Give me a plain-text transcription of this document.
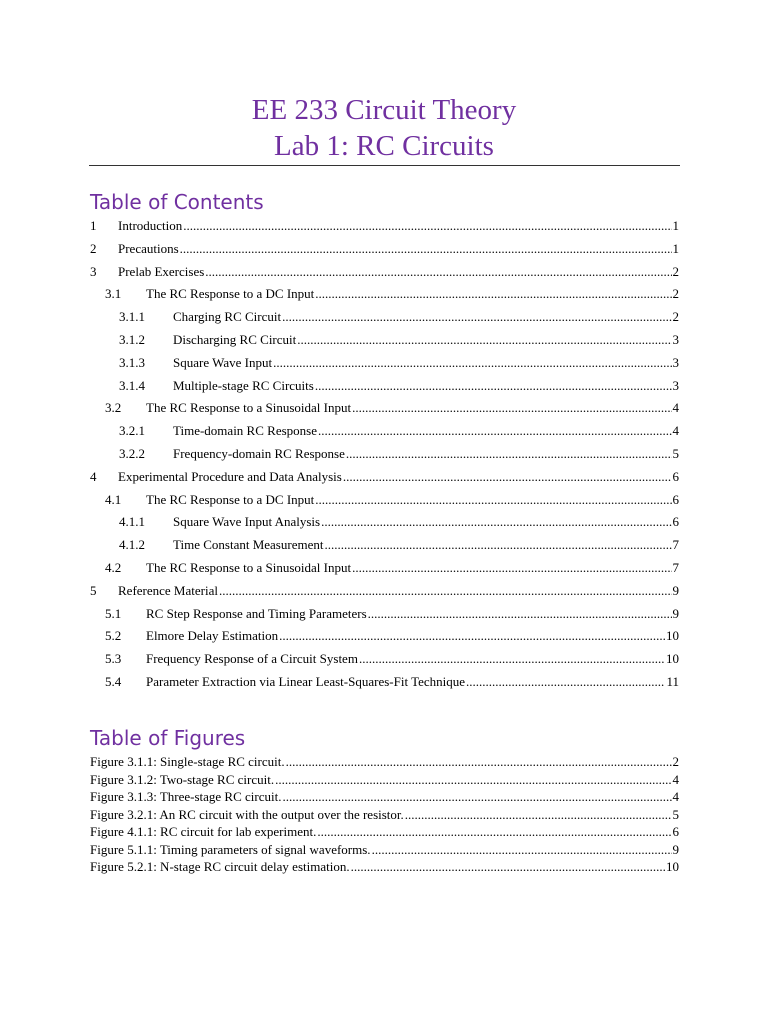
EE 233 Circuit Theory
Lab 1: RC Circuits
Table of Contents
1	Introduction .....	1
2	Precautions .....	1
3	Prelab Exercises .....	2
3.1	The RC Response to a DC Input .....	2
3.1.1	Charging RC Circuit .....	2
3.1.2	Discharging RC Circuit .....	3
3.1.3	Square Wave Input .....	3
3.1.4	Multiple-stage RC Circuits .....	3
3.2	The RC Response to a Sinusoidal Input .....	4
3.2.1	Time-domain RC Response .....	4
3.2.2	Frequency-domain RC Response .....	5
4	Experimental Procedure and Data Analysis .....	6
4.1	The RC Response to a DC Input .....	6
4.1.1	Square Wave Input Analysis .....	6
4.1.2	Time Constant Measurement .....	7
4.2	The RC Response to a Sinusoidal Input .....	7
5	Reference Material .....	9
5.1	RC Step Response and Timing Parameters .....	9
5.2	Elmore Delay Estimation .....	10
5.3	Frequency Response of a Circuit System .....	10
5.4	Parameter Extraction via Linear Least-Squares-Fit Technique .....	11
Table of Figures
Figure 3.1.1: Single-stage RC circuit. .....	2
Figure 3.1.2: Two-stage RC circuit. .....	4
Figure 3.1.3: Three-stage RC circuit. .....	4
Figure 3.2.1: An RC circuit with the output over the resistor. .....	5
Figure 4.1.1: RC circuit for lab experiment. .....	6
Figure 5.1.1: Timing parameters of signal waveforms. .....	9
Figure 5.2.1: N-stage RC circuit delay estimation. .....	10
